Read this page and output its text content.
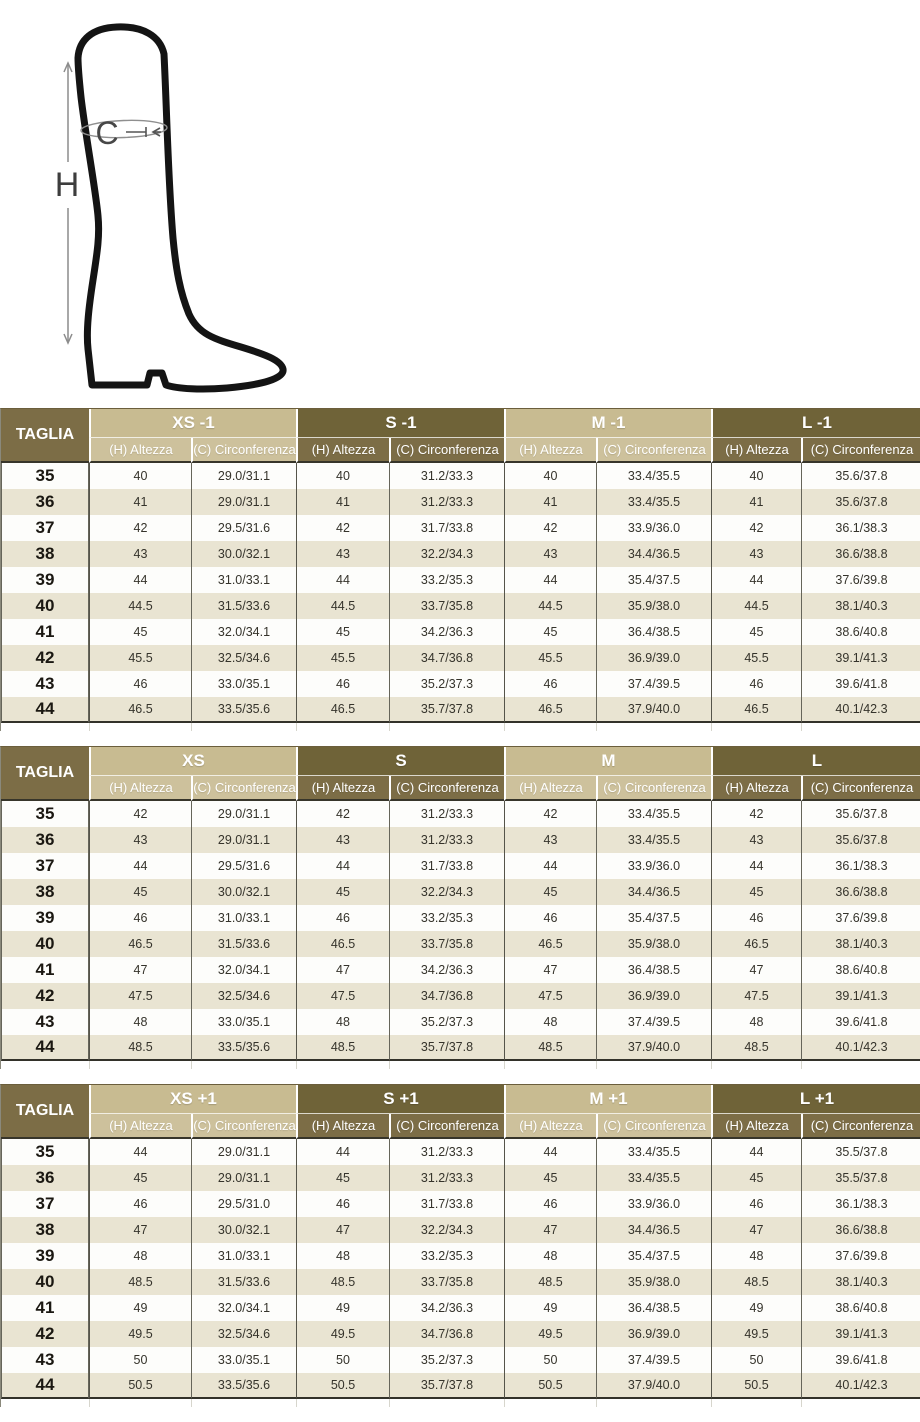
C
H
TAGLIA
XS -1	S -1	M -1	L -1
(H) Altezza	(C) Circonferenza	(H) Altezza	(C) Circonferenza	(H) Altezza	(C) Circonferenza	(H) Altezza	(C) Circonferenza
35	40	29.0/31.1	40	31.2/33.3	40	33.4/35.5	40	35.6/37.8
36	41	29.0/31.1	41	31.2/33.3	41	33.4/35.5	41	35.6/37.8
37	42	29.5/31.6	42	31.7/33.8	42	33.9/36.0	42	36.1/38.3
38	43	30.0/32.1	43	32.2/34.3	43	34.4/36.5	43	36.6/38.8
39	44	31.0/33.1	44	33.2/35.3	44	35.4/37.5	44	37.6/39.8
40	44.5	31.5/33.6	44.5	33.7/35.8	44.5	35.9/38.0	44.5	38.1/40.3
41	45	32.0/34.1	45	34.2/36.3	45	36.4/38.5	45	38.6/40.8
42	45.5	32.5/34.6	45.5	34.7/36.8	45.5	36.9/39.0	45.5	39.1/41.3
43	46	33.0/35.1	46	35.2/37.3	46	37.4/39.5	46	39.6/41.8
44	46.5	33.5/35.6	46.5	35.7/37.8	46.5	37.9/40.0	46.5	40.1/42.3
TAGLIA
XS	S	M	L
(H) Altezza	(C) Circonferenza	(H) Altezza	(C) Circonferenza	(H) Altezza	(C) Circonferenza	(H) Altezza	(C) Circonferenza
35	42	29.0/31.1	42	31.2/33.3	42	33.4/35.5	42	35.6/37.8
36	43	29.0/31.1	43	31.2/33.3	43	33.4/35.5	43	35.6/37.8
37	44	29.5/31.6	44	31.7/33.8	44	33.9/36.0	44	36.1/38.3
38	45	30.0/32.1	45	32.2/34.3	45	34.4/36.5	45	36.6/38.8
39	46	31.0/33.1	46	33.2/35.3	46	35.4/37.5	46	37.6/39.8
40	46.5	31.5/33.6	46.5	33.7/35.8	46.5	35.9/38.0	46.5	38.1/40.3
41	47	32.0/34.1	47	34.2/36.3	47	36.4/38.5	47	38.6/40.8
42	47.5	32.5/34.6	47.5	34.7/36.8	47.5	36.9/39.0	47.5	39.1/41.3
43	48	33.0/35.1	48	35.2/37.3	48	37.4/39.5	48	39.6/41.8
44	48.5	33.5/35.6	48.5	35.7/37.8	48.5	37.9/40.0	48.5	40.1/42.3
TAGLIA
XS +1	S +1	M +1	L +1
(H) Altezza	(C) Circonferenza	(H) Altezza	(C) Circonferenza	(H) Altezza	(C) Circonferenza	(H) Altezza	(C) Circonferenza
35	44	29.0/31.1	44	31.2/33.3	44	33.4/35.5	44	35.5/37.8
36	45	29.0/31.1	45	31.2/33.3	45	33.4/35.5	45	35.5/37.8
37	46	29.5/31.0	46	31.7/33.8	46	33.9/36.0	46	36.1/38.3
38	47	30.0/32.1	47	32.2/34.3	47	34.4/36.5	47	36.6/38.8
39	48	31.0/33.1	48	33.2/35.3	48	35.4/37.5	48	37.6/39.8
40	48.5	31.5/33.6	48.5	33.7/35.8	48.5	35.9/38.0	48.5	38.1/40.3
41	49	32.0/34.1	49	34.2/36.3	49	36.4/38.5	49	38.6/40.8
42	49.5	32.5/34.6	49.5	34.7/36.8	49.5	36.9/39.0	49.5	39.1/41.3
43	50	33.0/35.1	50	35.2/37.3	50	37.4/39.5	50	39.6/41.8
44	50.5	33.5/35.6	50.5	35.7/37.8	50.5	37.9/40.0	50.5	40.1/42.3
